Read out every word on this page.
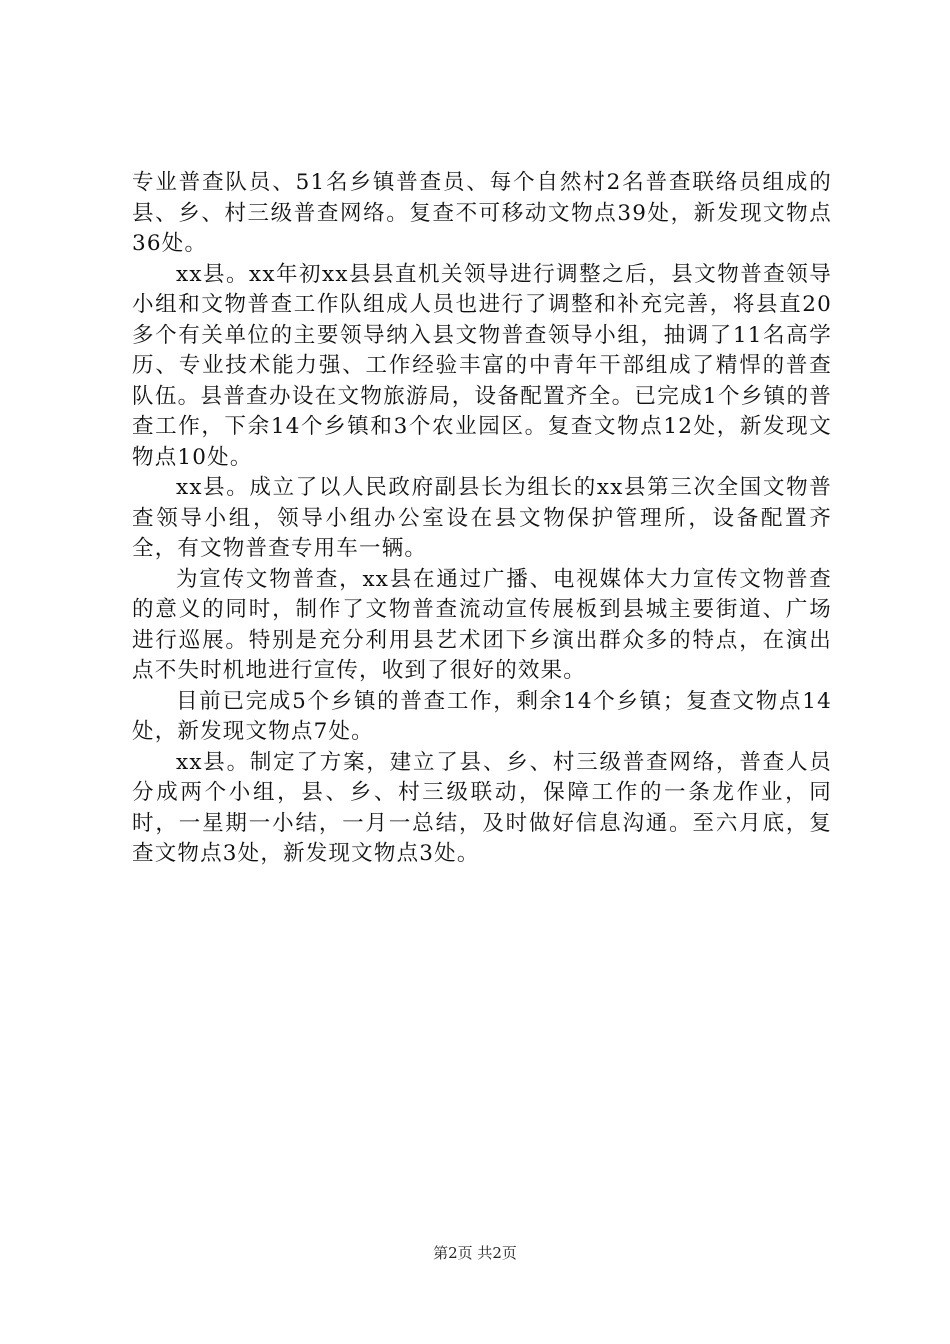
专业普查队员、51名乡镇普查员、每个自然村2名普查联络员组成的县、乡、村三级普查网络。复查不可移动文物点39处，新发现文物点36处。

xx县。xx年初xx县县直机关领导进行调整之后，县文物普查领导小组和文物普查工作队组成人员也进行了调整和补充完善，将县直20多个有关单位的主要领导纳入县文物普查领导小组，抽调了11名高学历、专业技术能力强、工作经验丰富的中青年干部组成了精悍的普查队伍。县普查办设在文物旅游局，设备配置齐全。已完成1个乡镇的普查工作，下余14个乡镇和3个农业园区。复查文物点12处，新发现文物点10处。

xx县。成立了以人民政府副县长为组长的xx县第三次全国文物普查领导小组，领导小组办公室设在县文物保护管理所，设备配置齐全，有文物普查专用车一辆。

为宣传文物普查，xx县在通过广播、电视媒体大力宣传文物普查的意义的同时，制作了文物普查流动宣传展板到县城主要街道、广场进行巡展。特别是充分利用县艺术团下乡演出群众多的特点，在演出点不失时机地进行宣传，收到了很好的效果。

目前已完成5个乡镇的普查工作，剩余14个乡镇；复查文物点14处，新发现文物点7处。

xx县。制定了方案，建立了县、乡、村三级普查网络，普查人员分成两个小组，县、乡、村三级联动，保障工作的一条龙作业，同时，一星期一小结，一月一总结，及时做好信息沟通。至六月底，复查文物点3处，新发现文物点3处。

第2页 共2页
